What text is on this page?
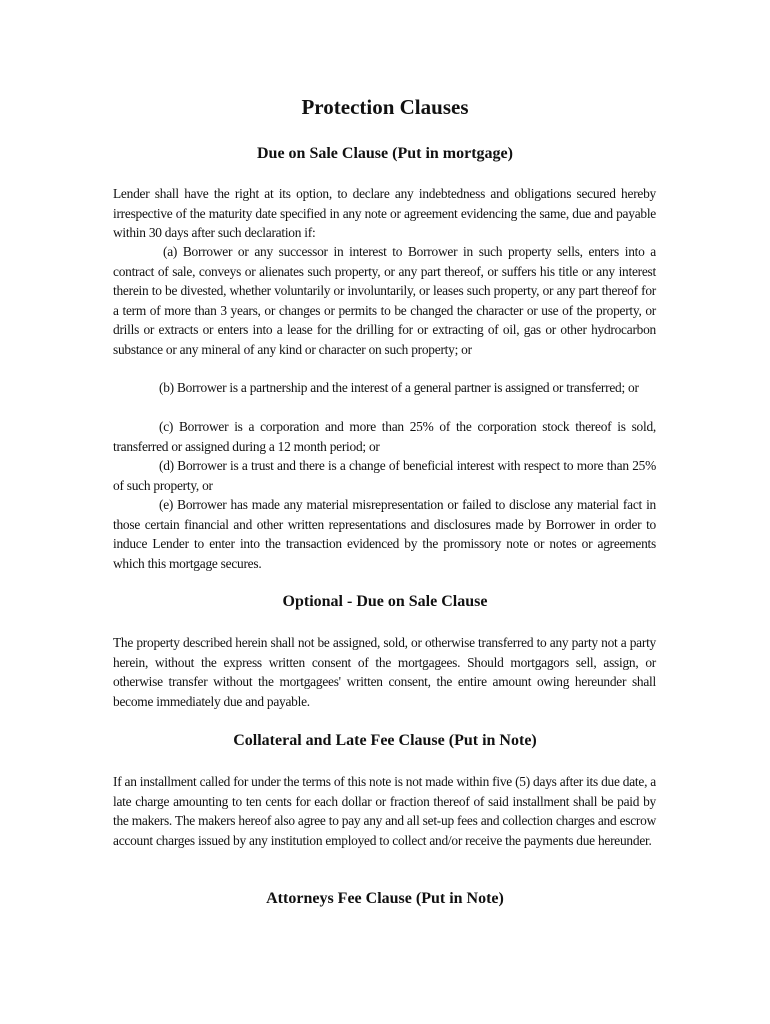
Protection Clauses
Due on Sale Clause (Put in mortgage)

Lender shall have the right at its option, to declare any indebtedness and obligations secured hereby irrespective of the maturity date specified in any note or agreement evidencing the same, due and payable within 30 days after such declaration if:

(a) Borrower or any successor in interest to Borrower in such property sells, enters into a contract of sale, conveys or alienates such property, or any part thereof, or suffers his title or any interest therein to be divested, whether voluntarily or involuntarily, or leases such property, or any part thereof for a term of more than 3 years, or changes or permits to be changed the character or use of the property, or drills or extracts or enters into a lease for the drilling for or extracting of oil, gas or other hydrocarbon substance or any mineral of any kind or character on such property; or

(b) Borrower is a partnership and the interest of a general partner is assigned or transferred; or

(c) Borrower is a corporation and more than 25% of the corporation stock thereof is sold, transferred or assigned during a 12 month period; or

(d) Borrower is a trust and there is a change of beneficial interest with respect to more than 25% of such property, or

(e) Borrower has made any material misrepresentation or failed to disclose any material fact in those certain financial and other written representations and disclosures made by Borrower in order to induce Lender to enter into the transaction evidenced by the promissory note or notes or agreements which this mortgage secures.

Optional - Due on Sale Clause

The property described herein shall not be assigned, sold, or otherwise transferred to any party not a party herein, without the express written consent of the mortgagees. Should mortgagors sell, assign, or otherwise transfer without the mortgagees' written consent, the entire amount owing hereunder shall become immediately due and payable.

Collateral and Late Fee Clause (Put in Note)

If an installment called for under the terms of this note is not made within five (5) days after its due date, a late charge amounting to ten cents for each dollar or fraction thereof of said installment shall be paid by the makers. The makers hereof also agree to pay any and all set-up fees and collection charges and escrow account charges issued by any institution employed to collect and/or receive the payments due hereunder.

Attorneys Fee Clause (Put in Note)
